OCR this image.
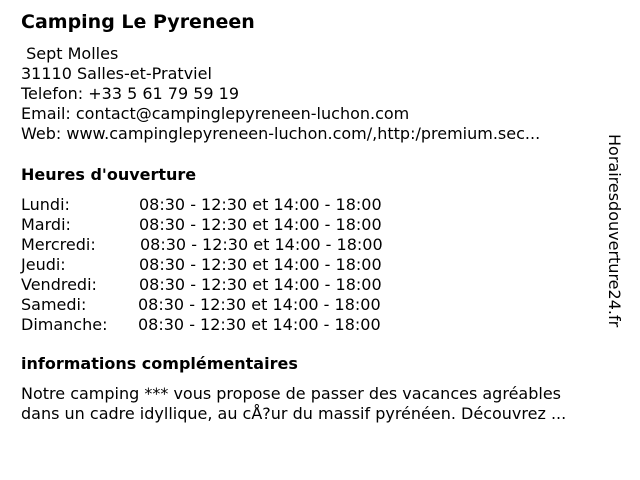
Camping Le Pyreneen
Sept Molles
31110 Salles-et-Pratviel
Telefon: +33 5 61 79 59 19
Email: contact@campinglepyreneen-luchon.com
Web: www.campinglepyreneen-luchon.com/,http:/premium.sec...
Heures d'ouverture
Lundi:	08:30 - 12:30 et 14:00 - 18:00
Mardi:	08:30 - 12:30 et 14:00 - 18:00
Mercredi:	08:30 - 12:30 et 14:00 - 18:00
Jeudi:	08:30 - 12:30 et 14:00 - 18:00
Vendredi:	08:30 - 12:30 et 14:00 - 18:00
Samedi:	08:30 - 12:30 et 14:00 - 18:00
Dimanche: 08:30 - 12:30 et 14:00 - 18:00
informations complémentaires
Notre camping *** vous propose de passer des vacances agréables
dans un cadre idyllique, au cÅ?ur du massif pyrénéen. Découvrez ...
Horairesdouverture24.fr
